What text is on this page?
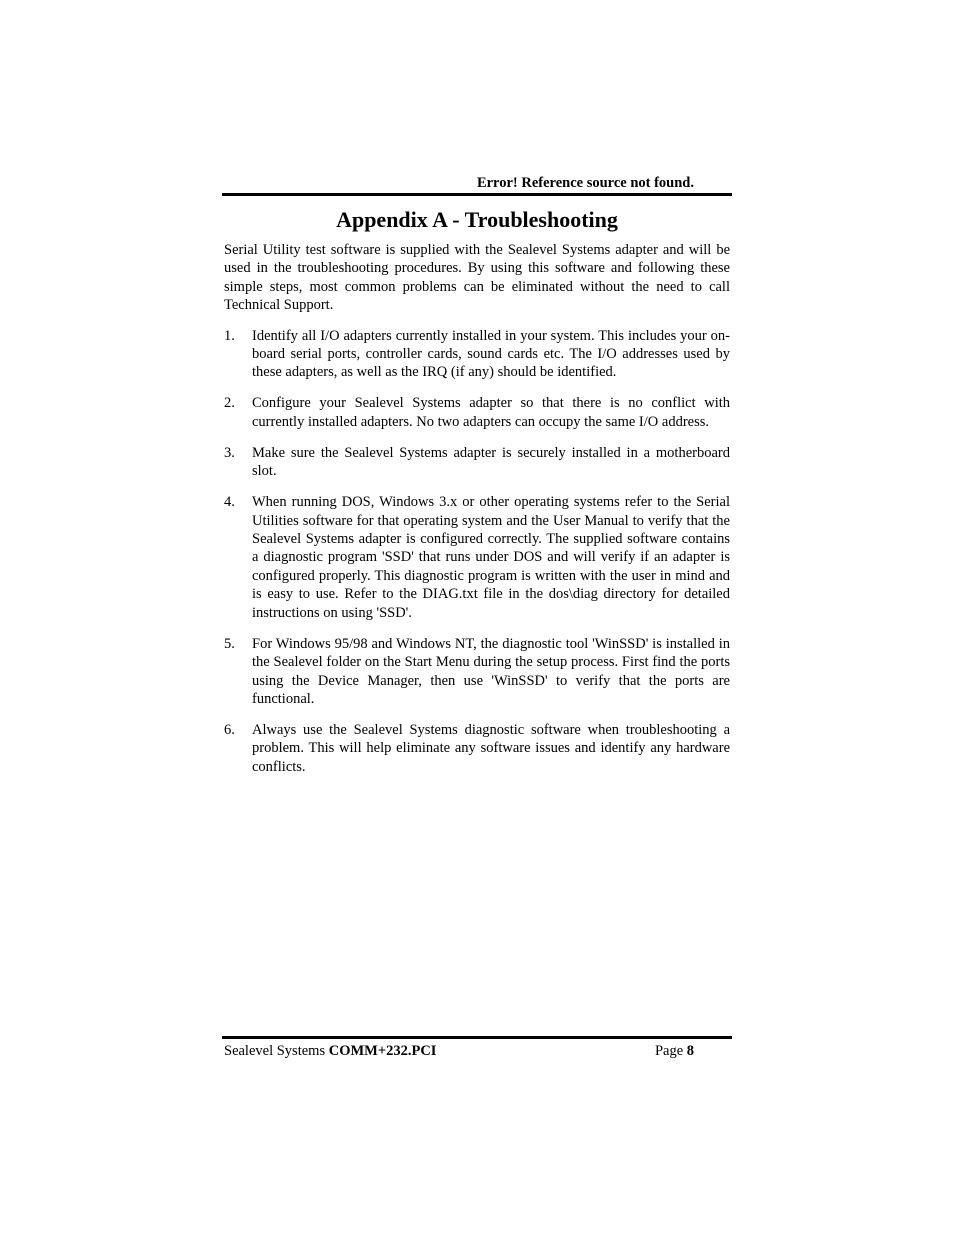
Error! Reference source not found.
Appendix A - Troubleshooting

Serial Utility test software is supplied with the Sealevel Systems adapter and will be used in the troubleshooting procedures. By using this software and following these simple steps, most common problems can be eliminated without the need to call Technical Support.

1. Identify all I/O adapters currently installed in your system. This includes your on-board serial ports, controller cards, sound cards etc. The I/O addresses used by these adapters, as well as the IRQ (if any) should be identified.
2. Configure your Sealevel Systems adapter so that there is no conflict with currently installed adapters. No two adapters can occupy the same I/O address.
3. Make sure the Sealevel Systems adapter is securely installed in a motherboard slot.
4. When running DOS, Windows 3.x or other operating systems refer to the Serial Utilities software for that operating system and the User Manual to verify that the Sealevel Systems adapter is configured correctly. The supplied software contains a diagnostic program 'SSD' that runs under DOS and will verify if an adapter is configured properly. This diagnostic program is written with the user in mind and is easy to use. Refer to the DIAG.txt file in the dos\diag directory for detailed instructions on using 'SSD'.
5. For Windows 95/98 and Windows NT, the diagnostic tool 'WinSSD' is installed in the Sealevel folder on the Start Menu during the setup process. First find the ports using the Device Manager, then use 'WinSSD' to verify that the ports are functional.
6. Always use the Sealevel Systems diagnostic software when troubleshooting a problem. This will help eliminate any software issues and identify any hardware conflicts.
Sealevel Systems COMM+232.PCI	Page 8
